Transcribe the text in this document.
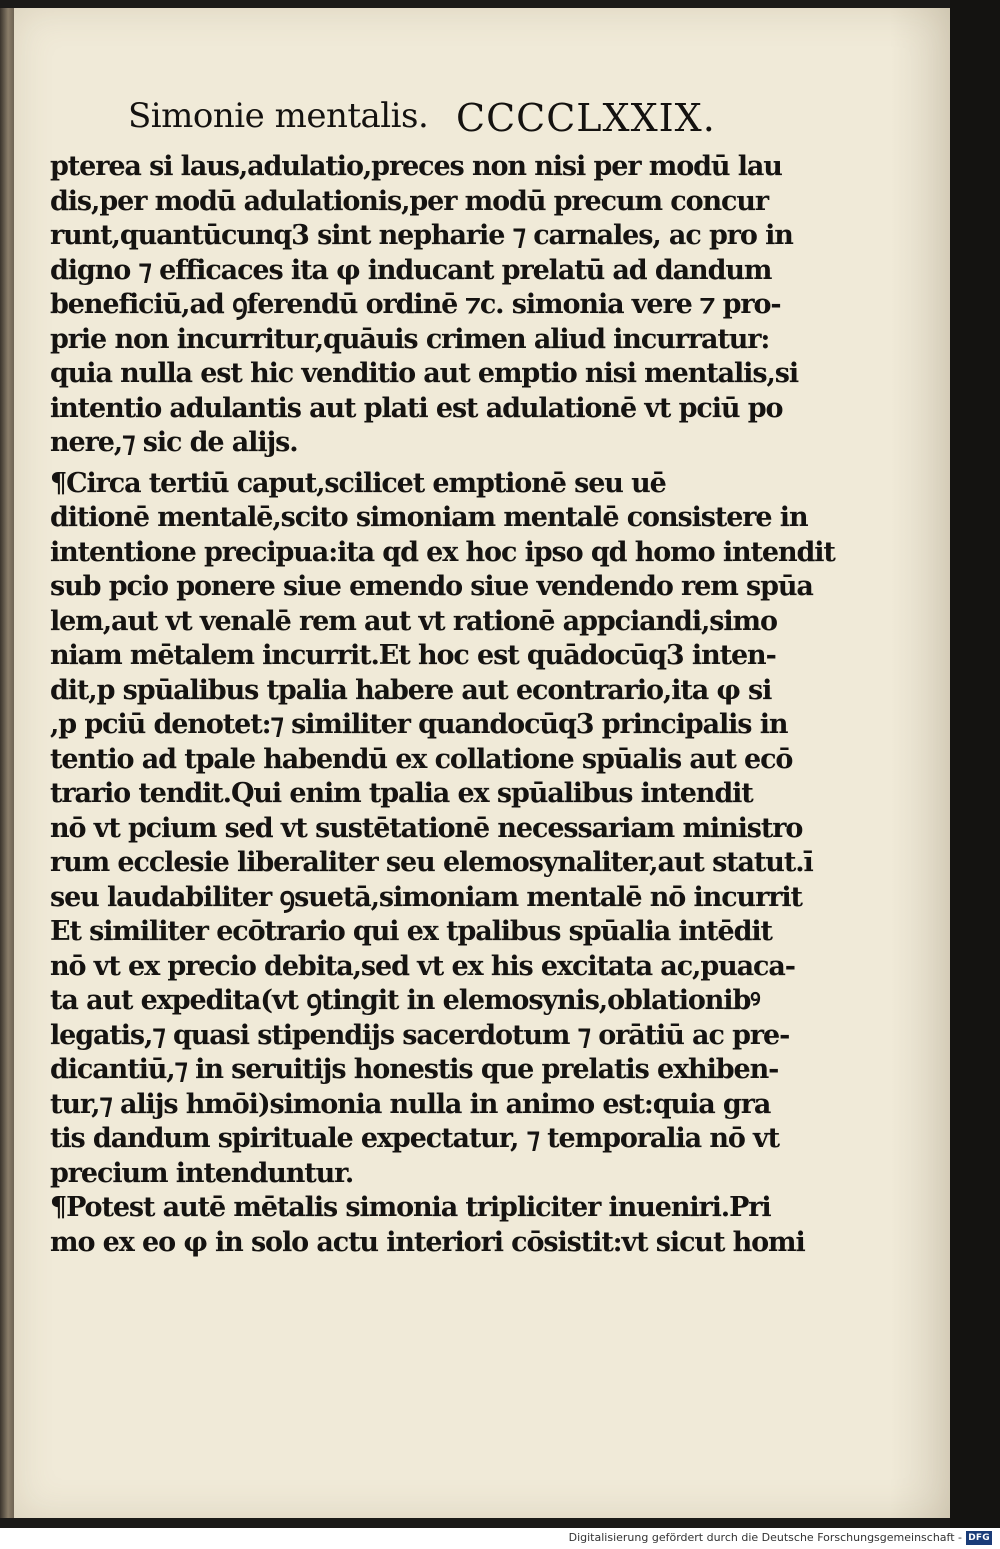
Simonie mentalis. CCCCLXXIX.
pterea si laus,adulatio,preces non nisi per modū lau
dis,per modū adulationis,per modū precum concur
runt,quantūcunq3 sint nepharie ⁊ carnales, ac pro in
digno ⁊ efficaces ita φ inducant prelatū ad dandum
beneficiū,ad ꝯferendū ordinē ⁊c. simonia vere ⁊ pro-
prie non incurritur,quāuis crimen aliud incurratur:
quia nulla est hic venditio aut emptio nisi mentalis,si
intentio adulantis aut plati est adulationē vt pciū po
nere,⁊ sic de alijs.
¶Circa tertiū caput,scilicet emptionē seu uē
ditionē mentalē,scito simoniam mentalē consistere in
intentione precipua:ita qd ex hoc ipso qd homo intendit
sub pcio ponere siue emendo siue vendendo rem spūa
lem,aut vt venalē rem aut vt rationē appciandi,simo
niam mētalem incurrit.Et hoc est quādocūq3 inten-
dit,p spūalibus tpalia habere aut econtrario,ita φ si
,p pciū denotet:⁊ similiter quandocūq3 principalis in
tentio ad tpale habendū ex collatione spūalis aut ecō
trario tendit.Qui enim tpalia ex spūalibus intendit
nō vt pcium sed vt sustētationē necessariam ministro
rum ecclesie liberaliter seu elemosynaliter,aut statut.ī
seu laudabiliter ꝯsuetā,simoniam mentalē nō incurrit
Et similiter ecōtrario qui ex tpalibus spūalia intēdit
nō vt ex precio debita,sed vt ex his excitata ac,puaca-
ta aut expedita(vt ꝯtingit in elemosynis,oblationibꝰ
legatis,⁊ quasi stipendijs sacerdotum ⁊ orātiū ac pre-
dicantiū,⁊ in seruitijs honestis que prelatis exhiben-
tur,⁊ alijs hmōi)simonia nulla in animo est:quia gra
tis dandum spirituale expectatur, ⁊ temporalia nō vt
precium intenduntur.
¶Potest autē mētalis simonia tripliciter inueniri.Pri
mo ex eo φ in solo actu interiori cōsistit:vt sicut homi
Digitalisierung gefördert durch die Deutsche Forschungsgemeinschaft - DFG
